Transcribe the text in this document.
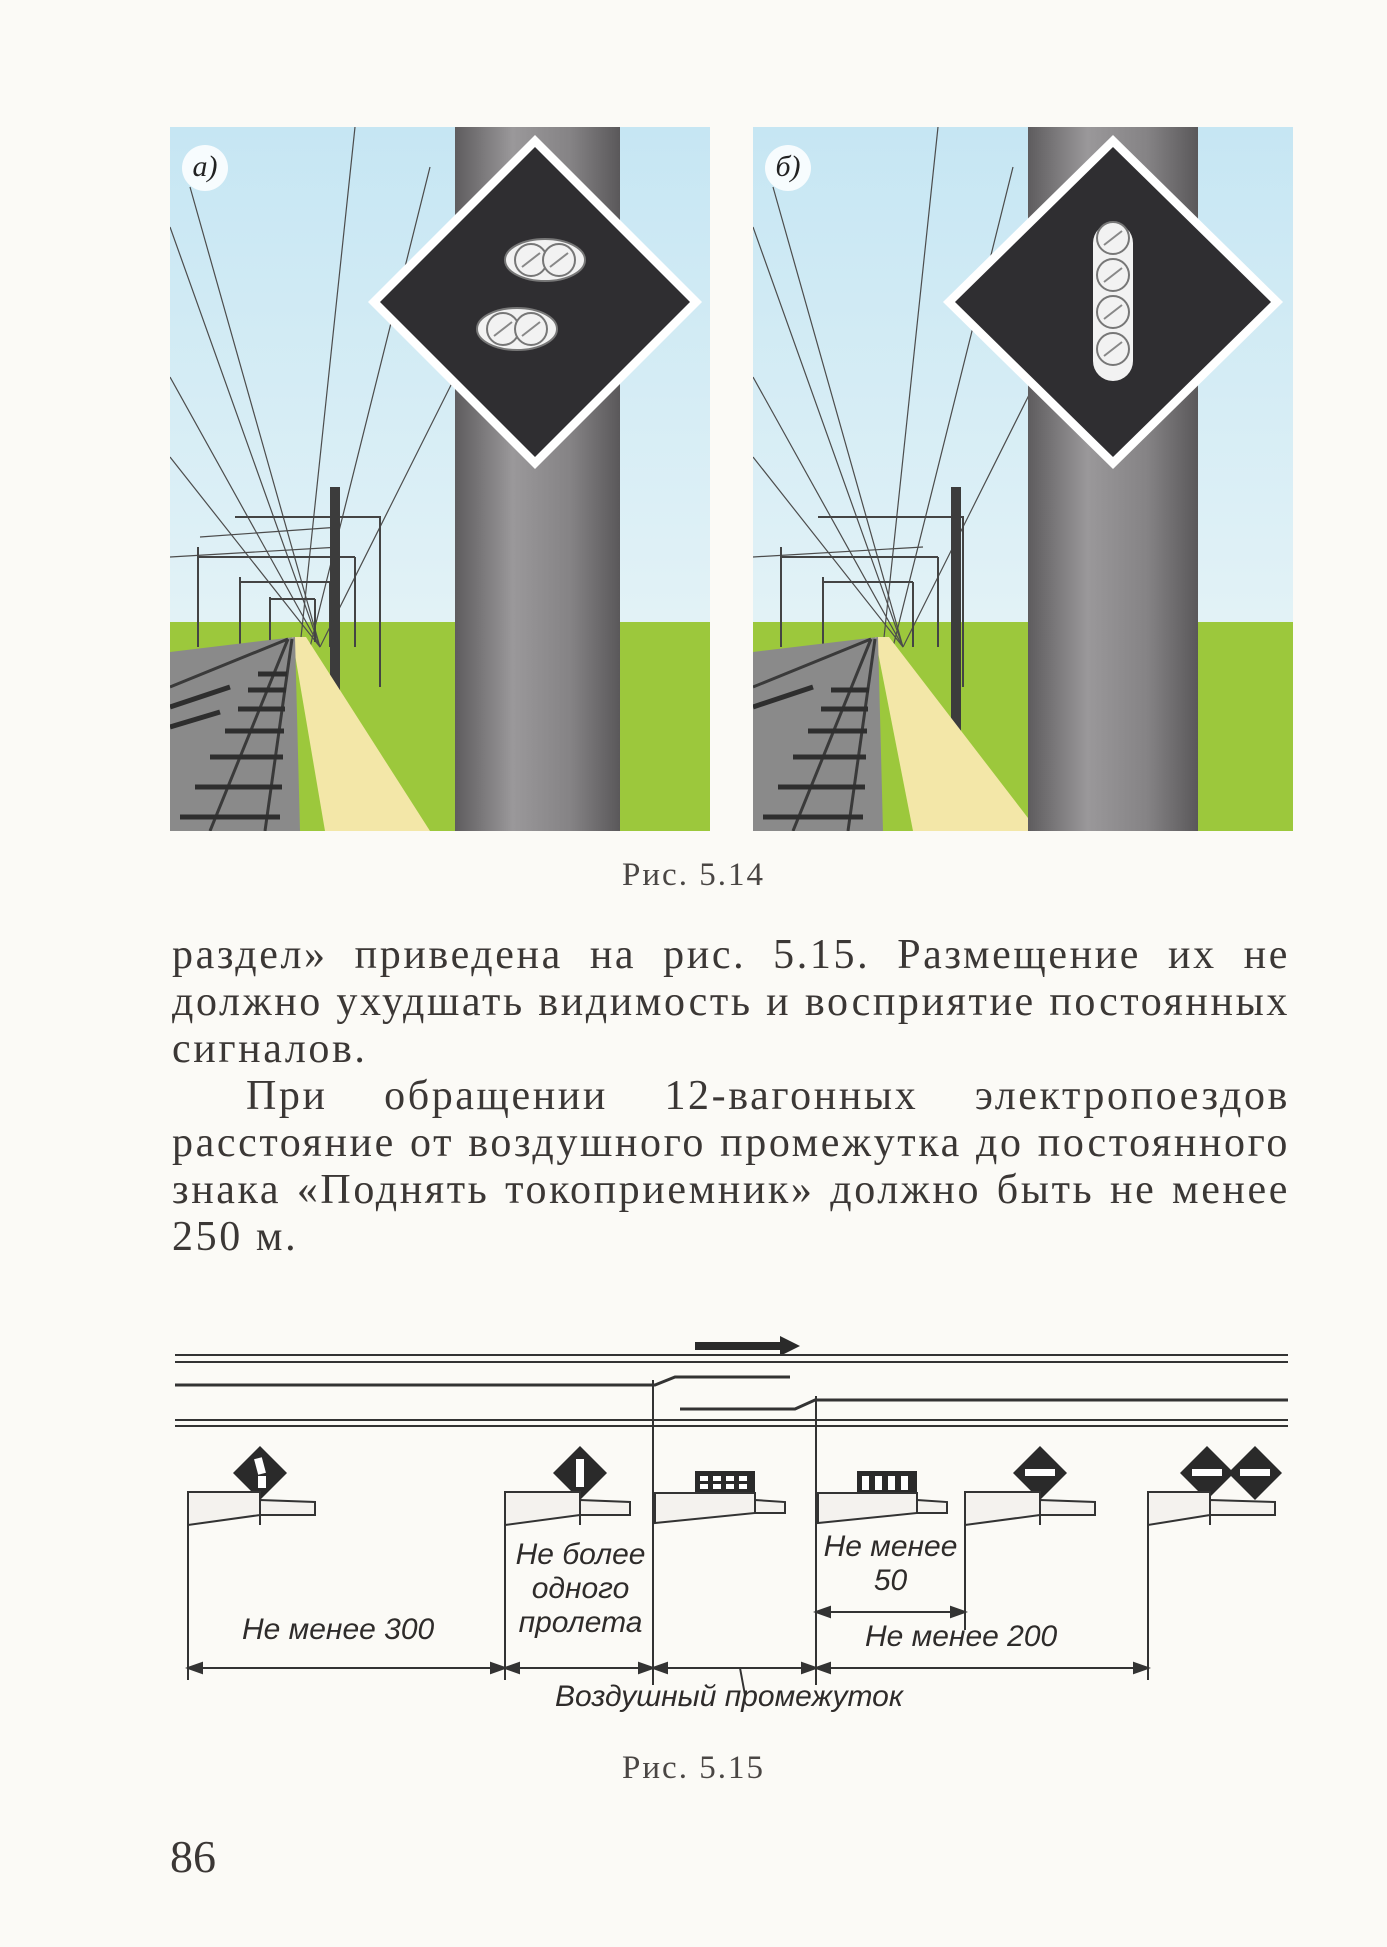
а)	б)
Рис. 5.14
раздел» приведена на рис. 5.15. Размещение их не должно ухудшать видимость и восприятие постоянных сигналов.
При обращении 12-вагонных электропоездов расстояние от воздушного промежутка до постоянного знака «Поднять токоприемник» должно быть не менее 250 м.
Не менее 300
Не более
одного
пролета
Не менее
50
Не менее 200
Воздушный промежуток
Рис. 5.15
86
